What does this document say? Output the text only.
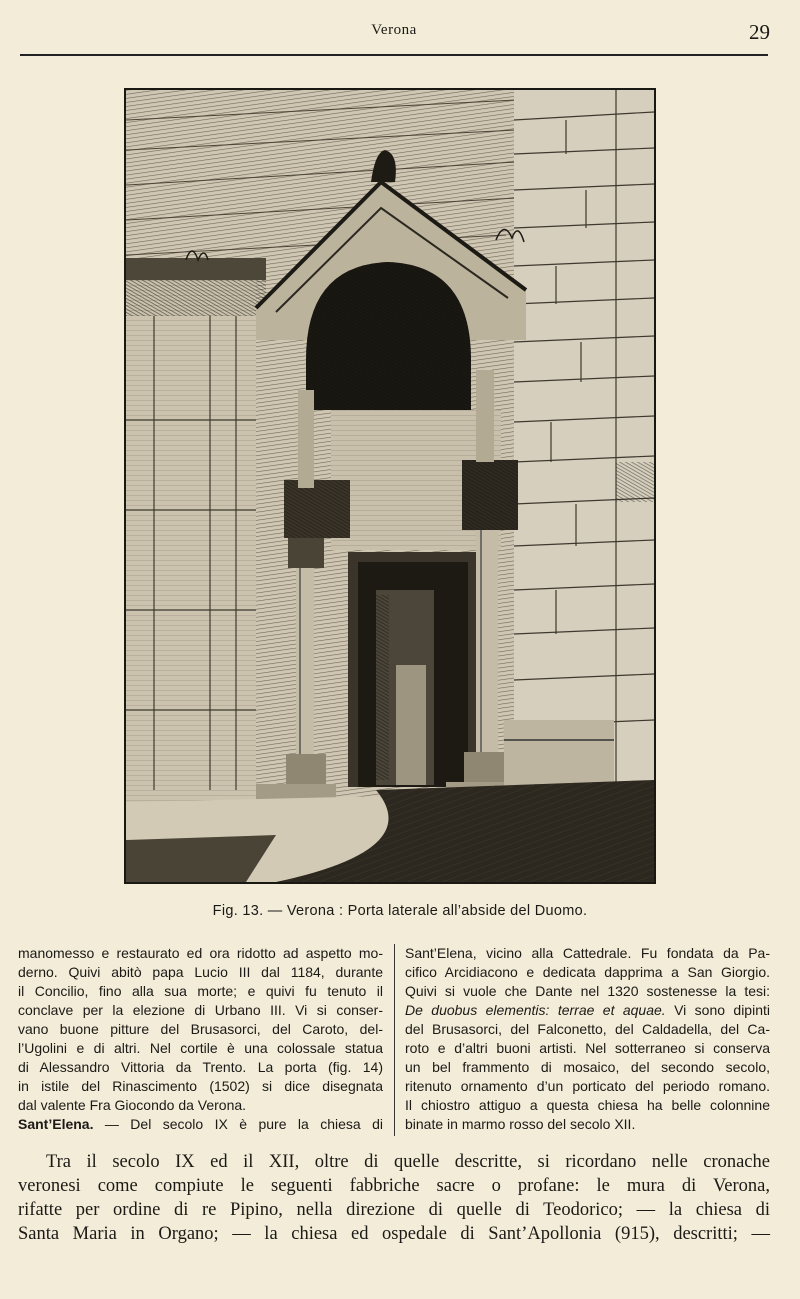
Verona	29
Fig. 13. — Verona : Porta laterale all’abside del Duomo.
manomesso e restaurato ed ora ridotto ad aspetto mo-
derno. Quivi abitò papa Lucio III dal 1184, durante
il Concilio, fino alla sua morte; e quivi fu tenuto il
conclave per la elezione di Urbano III. Vi si conser-
vano buone pitture del Brusasorci, del Caroto, del-
l’Ugolini e di altri. Nel cortile è una colossale statua
di Alessandro Vittoria da Trento. La porta (fig. 14)
in istile del Rinascimento (1502) si dice disegnata
dal valente Fra Giocondo da Verona.
Sant’Elena. — Del secolo IX è pure la chiesa di
Sant’Elena, vicino alla Cattedrale. Fu fondata da Pa-
cifico Arcidiacono e dedicata dapprima a San Giorgio.
Quivi si vuole che Dante nel 1320 sostenesse la tesi:
De duobus elementis: terrae et aquae. Vi sono dipinti
del Brusasorci, del Falconetto, del Caldadella, del Ca-
roto e d’altri buoni artisti. Nel sotterraneo si conserva
un bel frammento di mosaico, del secondo secolo,
ritenuto ornamento d’un porticato del periodo romano.
Il chiostro attiguo a questa chiesa ha belle colonnine
binate in marmo rosso del secolo XII.
Tra il secolo IX ed il XII, oltre di quelle descritte, si ricordano nelle cronache
veronesi come compiute le seguenti fabbriche sacre o profane: le mura di Verona,
rifatte per ordine di re Pipino, nella direzione di quelle di Teodorico; — la chiesa di
Santa Maria in Organo; — la chiesa ed ospedale di Sant’Apollonia (915), descritti; —
